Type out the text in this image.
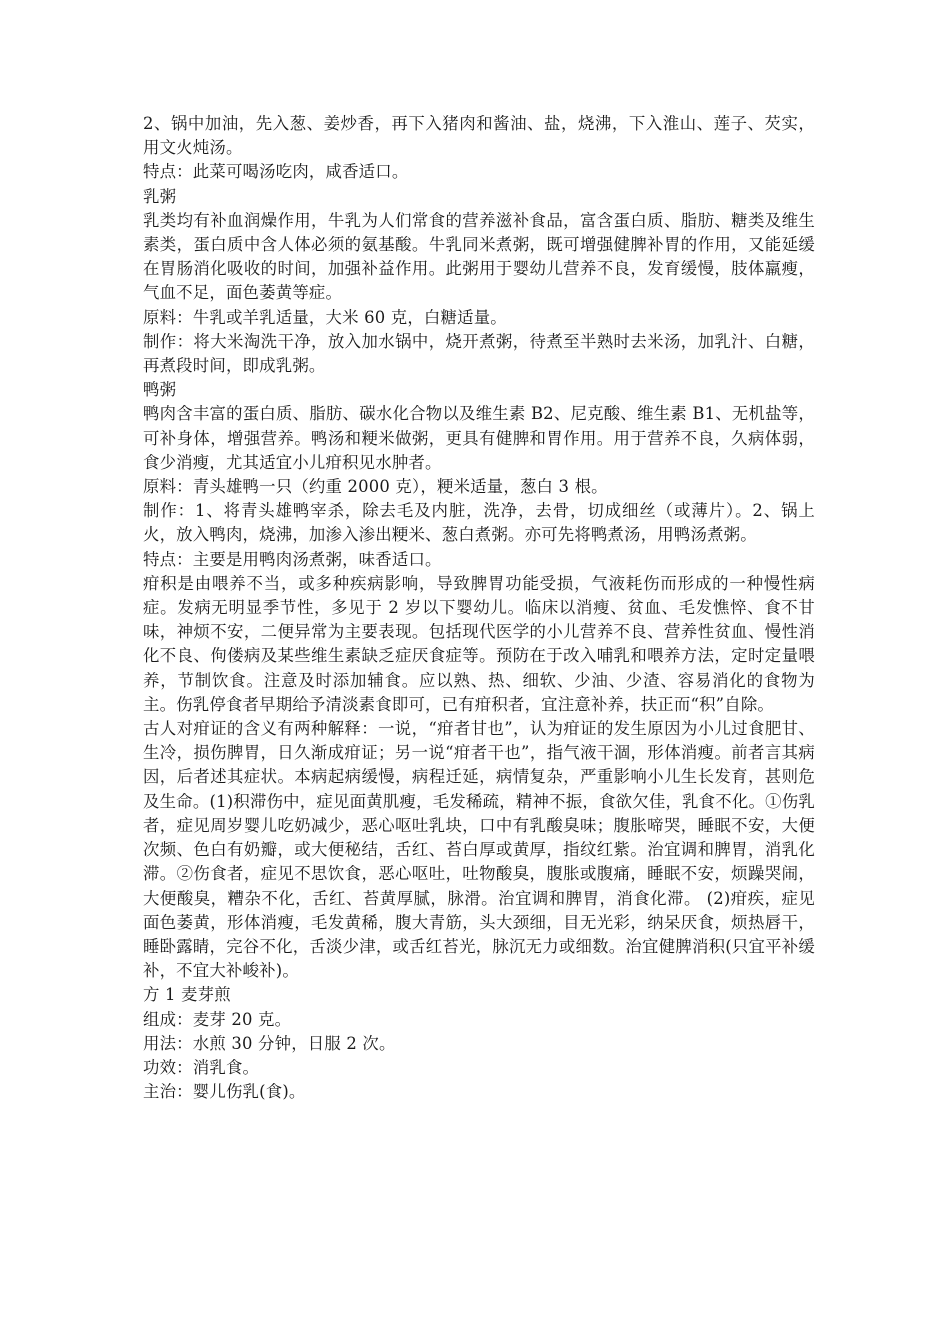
2、锅中加油，先入葱、姜炒香，再下入猪肉和酱油、盐，烧沸，下入淮山、莲子、芡实，用文火炖汤。

特点：此菜可喝汤吃肉，咸香适口。

乳粥

乳类均有补血润燥作用，牛乳为人们常食的营养滋补食品，富含蛋白质、脂肪、糖类及维生素类，蛋白质中含人体必须的氨基酸。牛乳同米煮粥，既可增强健脾补胃的作用，又能延缓在胃肠消化吸收的时间，加强补益作用。此粥用于婴幼儿营养不良，发育缓慢，肢体羸瘦，气血不足，面色萎黄等症。

原料：牛乳或羊乳适量，大米 60 克，白糖适量。

制作：将大米淘洗干净，放入加水锅中，烧开煮粥，待煮至半熟时去米汤，加乳汁、白糖，再煮段时间，即成乳粥。

鸭粥

鸭肉含丰富的蛋白质、脂肪、碳水化合物以及维生素 B2、尼克酸、维生素 B1、无机盐等，可补身体，增强营养。鸭汤和粳米做粥，更具有健脾和胃作用。用于营养不良，久病体弱，食少消瘦，尤其适宜小儿疳积见水肿者。

原料：青头雄鸭一只（约重 2000 克），粳米适量，葱白 3 根。

制作：1、将青头雄鸭宰杀，除去毛及内脏，洗净，去骨，切成细丝（或薄片）。2、锅上火，放入鸭肉，烧沸，加渗入渗出粳米、葱白煮粥。亦可先将鸭煮汤，用鸭汤煮粥。

特点：主要是用鸭肉汤煮粥，味香适口。

疳积是由喂养不当，或多种疾病影响，导致脾胃功能受损，气液耗伤而形成的一种慢性病症。发病无明显季节性，多见于 2 岁以下婴幼儿。临床以消瘦、贫血、毛发憔悴、食不甘味，神烦不安，二便异常为主要表现。包括现代医学的小儿营养不良、营养性贫血、慢性消化不良、佝偻病及某些维生素缺乏症厌食症等。预防在于改入哺乳和喂养方法，定时定量喂养，节制饮食。注意及时添加辅食。应以熟、热、细软、少油、少渣、容易消化的食物为主。伤乳停食者早期给予清淡素食即可，已有疳积者，宜注意补养，扶正而“积”自除。

古人对疳证的含义有两种解释：一说，“疳者甘也”，认为疳证的发生原因为小儿过食肥甘、生冷，损伤脾胃，日久渐成疳证；另一说“疳者干也”，指气液干涸，形体消瘦。前者言其病因，后者述其症状。本病起病缓慢，病程迁延，病情复杂，严重影响小儿生长发育，甚则危及生命。(1)积滞伤中，症见面黄肌瘦，毛发稀疏，精神不振，食欲欠佳，乳食不化。①伤乳者，症见周岁婴儿吃奶减少，恶心呕吐乳块，口中有乳酸臭味；腹胀啼哭，睡眠不安，大便次频、色白有奶瓣，或大便秘结，舌红、苔白厚或黄厚，指纹红紫。治宜调和脾胃，消乳化滞。②伤食者，症见不思饮食，恶心呕吐，吐物酸臭，腹胀或腹痛，睡眠不安，烦躁哭闹，大便酸臭，糟杂不化，舌红、苔黄厚腻，脉滑。治宜调和脾胃，消食化滞。 (2)疳疾，症见面色萎黄，形体消瘦，毛发黄稀，腹大青筋，头大颈细，目无光彩，纳呆厌食，烦热唇干，睡卧露睛，完谷不化，舌淡少津，或舌红苔光，脉沉无力或细数。治宜健脾消积(只宜平补缓补，不宜大补峻补)。

方 1 麦芽煎

组成：麦芽 20 克。

用法：水煎 30 分钟，日服 2 次。

功效：消乳食。

主治：婴儿伤乳(食)。
